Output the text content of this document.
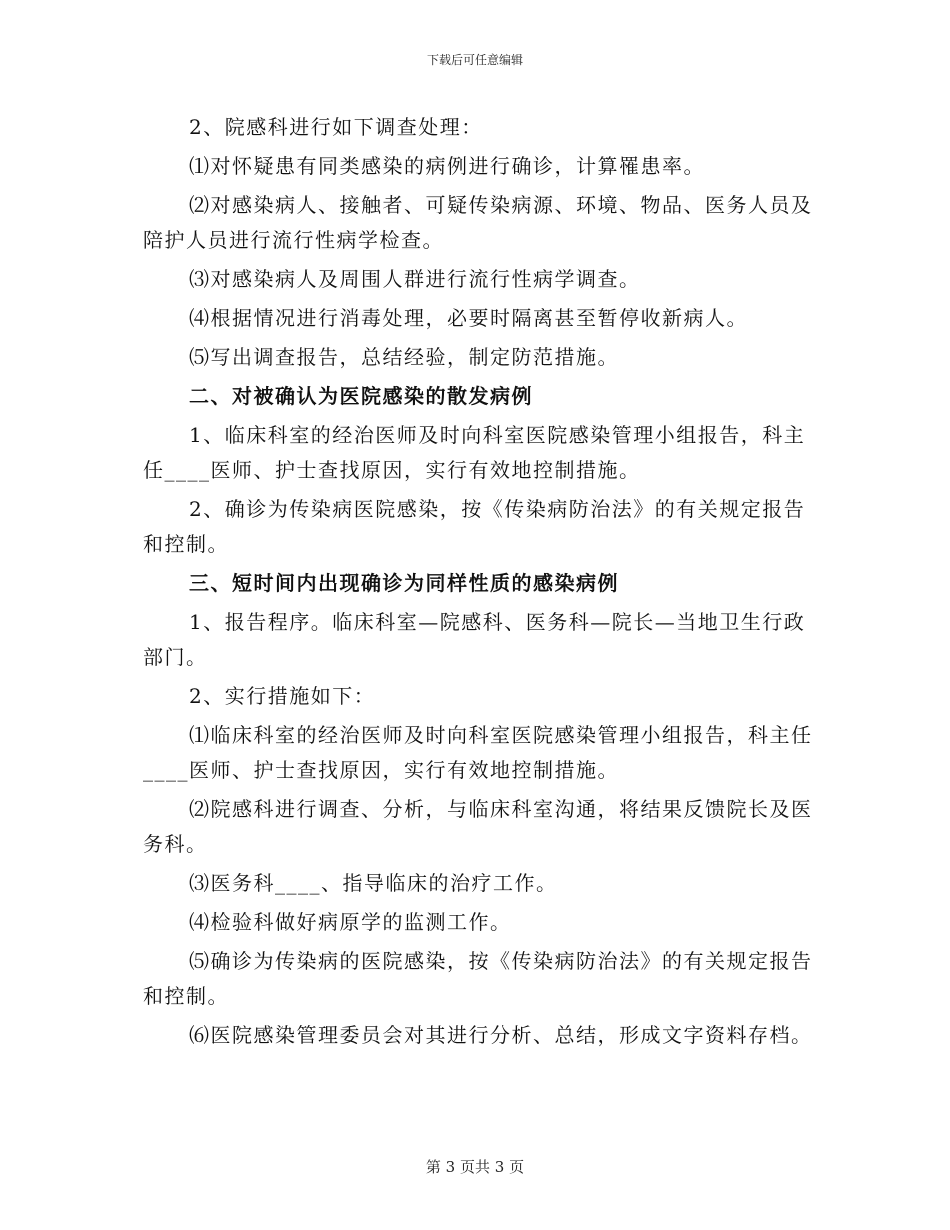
下载后可任意编辑

2、院感科进行如下调查处理：

⑴对怀疑患有同类感染的病例进行确诊，计算罹患率。

⑵对感染病人、接触者、可疑传染病源、环境、物品、医务人员及陪护人员进行流行性病学检查。

⑶对感染病人及周围人群进行流行性病学调查。

⑷根据情况进行消毒处理，必要时隔离甚至暂停收新病人。

⑸写出调查报告，总结经验，制定防范措施。

二、对被确认为医院感染的散发病例

1、临床科室的经治医师及时向科室医院感染管理小组报告，科主任____医师、护士查找原因，实行有效地控制措施。

2、确诊为传染病医院感染，按《传染病防治法》的有关规定报告和控制。

三、短时间内出现确诊为同样性质的感染病例

1、报告程序。临床科室—院感科、医务科—院长—当地卫生行政部门。

2、实行措施如下：

⑴临床科室的经治医师及时向科室医院感染管理小组报告，科主任____医师、护士查找原因，实行有效地控制措施。

⑵院感科进行调查、分析，与临床科室沟通，将结果反馈院长及医务科。

⑶医务科____、指导临床的治疗工作。

⑷检验科做好病原学的监测工作。

⑸确诊为传染病的医院感染，按《传染病防治法》的有关规定报告和控制。

⑹医院感染管理委员会对其进行分析、总结，形成文字资料存档。

第 3 页共 3 页
